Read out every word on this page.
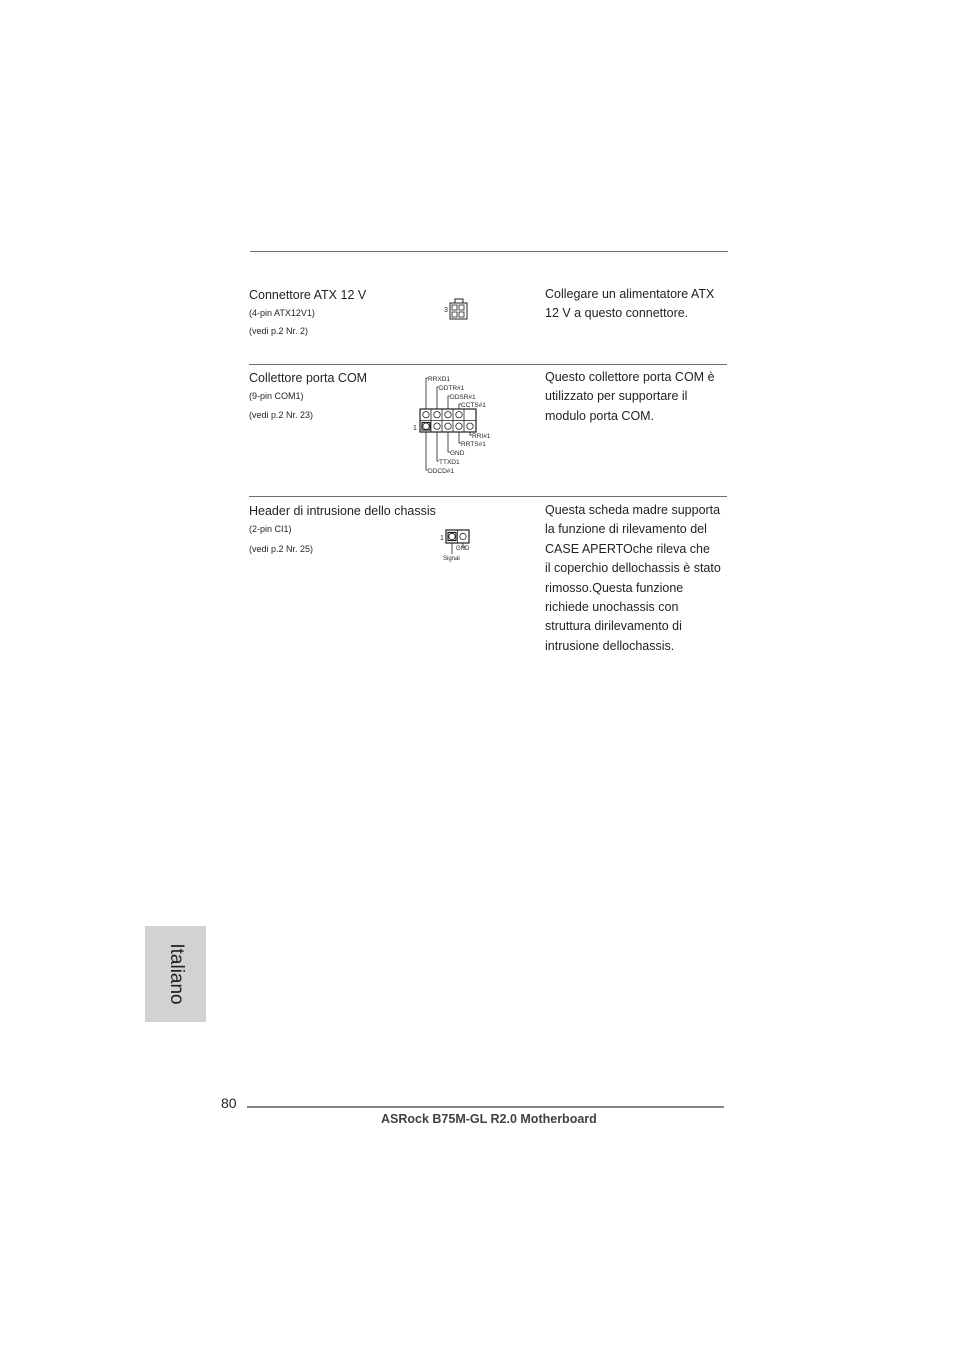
Connettore ATX 12 V
(4-pin ATX12V1)
(vedi p.2 Nr. 2)
3
Collegare un alimentatore ATX
12 V a questo connettore.
Collettore porta COM
(9-pin COM1)
(vedi p.2 Nr. 23)
1
RRXD1
DDTR#1
DDSR#1
CCTS#1
RRI#1
RRTS#1
GND
TTXD1
DDCD#1
Questo collettore porta COM è
utilizzato per supportare il
modulo porta COM.
Header di intrusione dello chassis
(2-pin CI1)
(vedi p.2 Nr. 25)
1
GND
Signal
Questa scheda madre supporta
la funzione di rilevamento del
CASE APERTOche rileva che
il coperchio dellochassis è stato
rimosso.Questa funzione
richiede unochassis con
struttura dirilevamento di
intrusione dellochassis.
Italiano
80
ASRock B75M-GL R2.0 Motherboard
